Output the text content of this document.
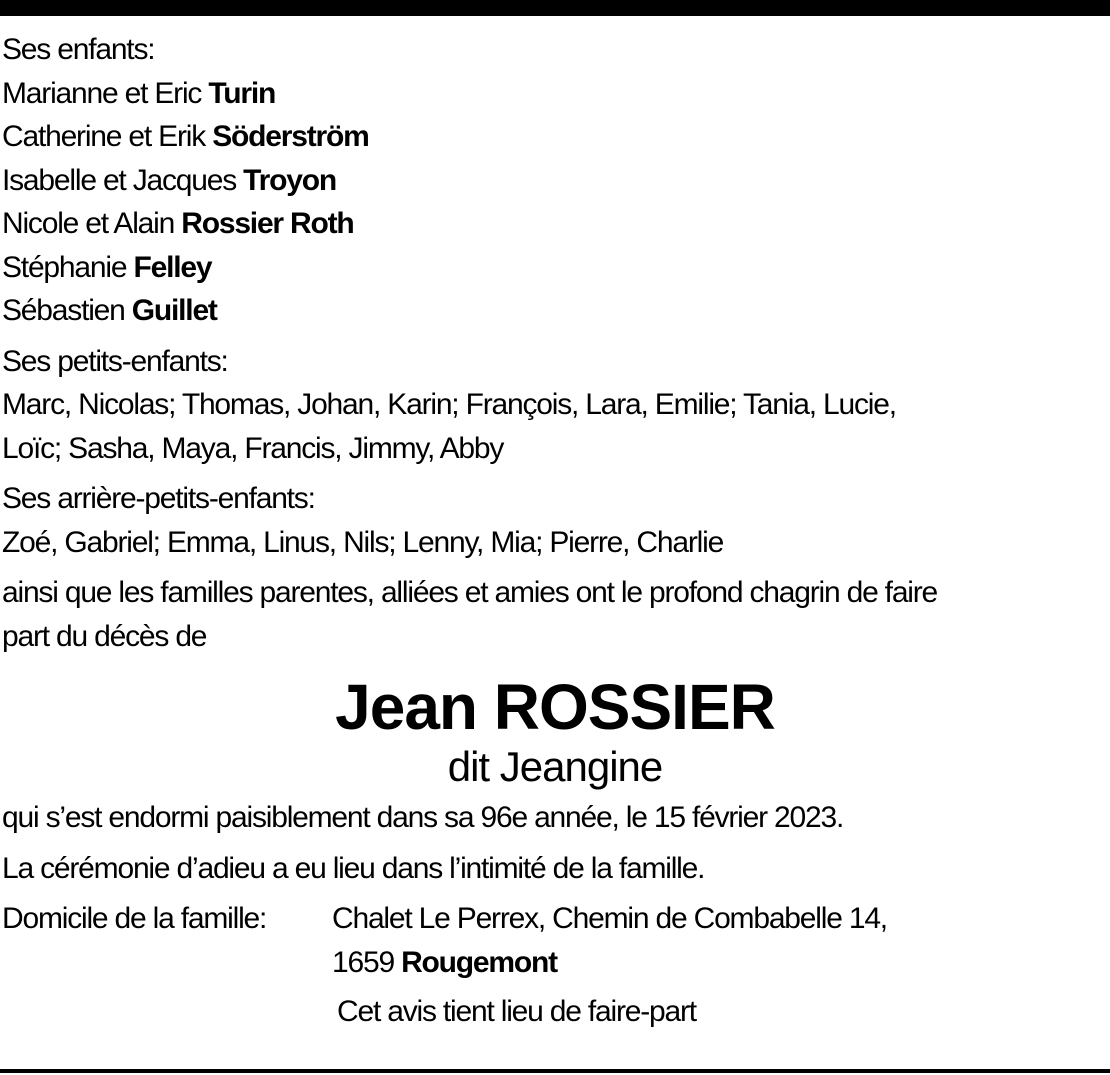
Ses enfants:
Marianne et Eric Turin
Catherine et Erik Söderström
Isabelle et Jacques Troyon
Nicole et Alain Rossier Roth
Stéphanie Felley
Sébastien Guillet
Ses petits-enfants:
Marc, Nicolas; Thomas, Johan, Karin; François, Lara, Emilie; Tania, Lucie,
Loïc; Sasha, Maya, Francis, Jimmy, Abby
Ses arrière-petits-enfants:
Zoé, Gabriel; Emma, Linus, Nils; Lenny, Mia; Pierre, Charlie
ainsi que les familles parentes, alliées et amies ont le profond chagrin de faire
part du décès de
Jean ROSSIER
dit Jeangine
qui s’est endormi paisiblement dans sa 96e année, le 15 février 2023.
La cérémonie d’adieu a eu lieu dans l’intimité de la famille.
Domicile de la famille:	Chalet Le Perrex, Chemin de Combabelle 14,
1659 Rougemont
Cet avis tient lieu de faire-part
